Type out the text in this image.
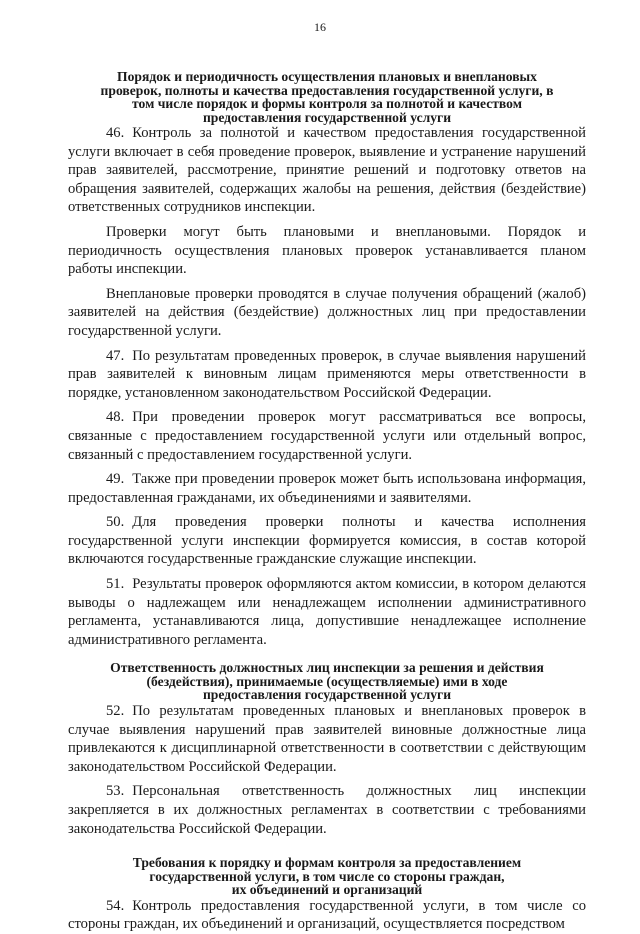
16
Порядок и периодичность осуществления плановых и внеплановых
проверок, полноты и качества предоставления государственной услуги, в
том числе порядок и формы контроля за полнотой и качеством
предоставления государственной услуги
46. Контроль за полнотой и качеством предоставления государственной услуги включает в себя проведение проверок, выявление и устранение нарушений прав заявителей, рассмотрение, принятие решений и подготовку ответов на обращения заявителей, содержащих жалобы на решения, действия (бездействие) ответственных сотрудников инспекции.
Проверки могут быть плановыми и внеплановыми. Порядок и периодичность осуществления плановых проверок устанавливается планом работы инспекции.
Внеплановые проверки проводятся в случае получения обращений (жалоб) заявителей на действия (бездействие) должностных лиц при предоставлении государственной услуги.
47. По результатам проведенных проверок, в случае выявления нарушений прав заявителей к виновным лицам применяются меры ответственности в порядке, установленном законодательством Российской Федерации.
48. При проведении проверок могут рассматриваться все вопросы, связанные с предоставлением государственной услуги или отдельный вопрос, связанный с предоставлением государственной услуги.
49. Также при проведении проверок может быть использована информация, предоставленная гражданами, их объединениями и заявителями.
50. Для проведения проверки полноты и качества исполнения государственной услуги инспекции формируется комиссия, в состав которой включаются государственные гражданские служащие инспекции.
51. Результаты проверок оформляются актом комиссии, в котором делаются выводы о надлежащем или ненадлежащем исполнении административного регламента, устанавливаются лица, допустившие ненадлежащее исполнение административного регламента.
Ответственность должностных лиц инспекции за решения и действия
(бездействия), принимаемые (осуществляемые) ими в ходе
предоставления государственной услуги
52. По результатам проведенных плановых и внеплановых проверок в случае выявления нарушений прав заявителей виновные должностные лица привлекаются к дисциплинарной ответственности в соответствии с действующим законодательством Российской Федерации.
53. Персональная ответственность должностных лиц инспекции закрепляется в их должностных регламентах в соответствии с требованиями законодательства Российской Федерации.
Требования к порядку и формам контроля за предоставлением
государственной услуги, в том числе со стороны граждан,
их объединений и организаций
54. Контроль предоставления государственной услуги, в том числе со стороны граждан, их объединений и организаций, осуществляется посредством
